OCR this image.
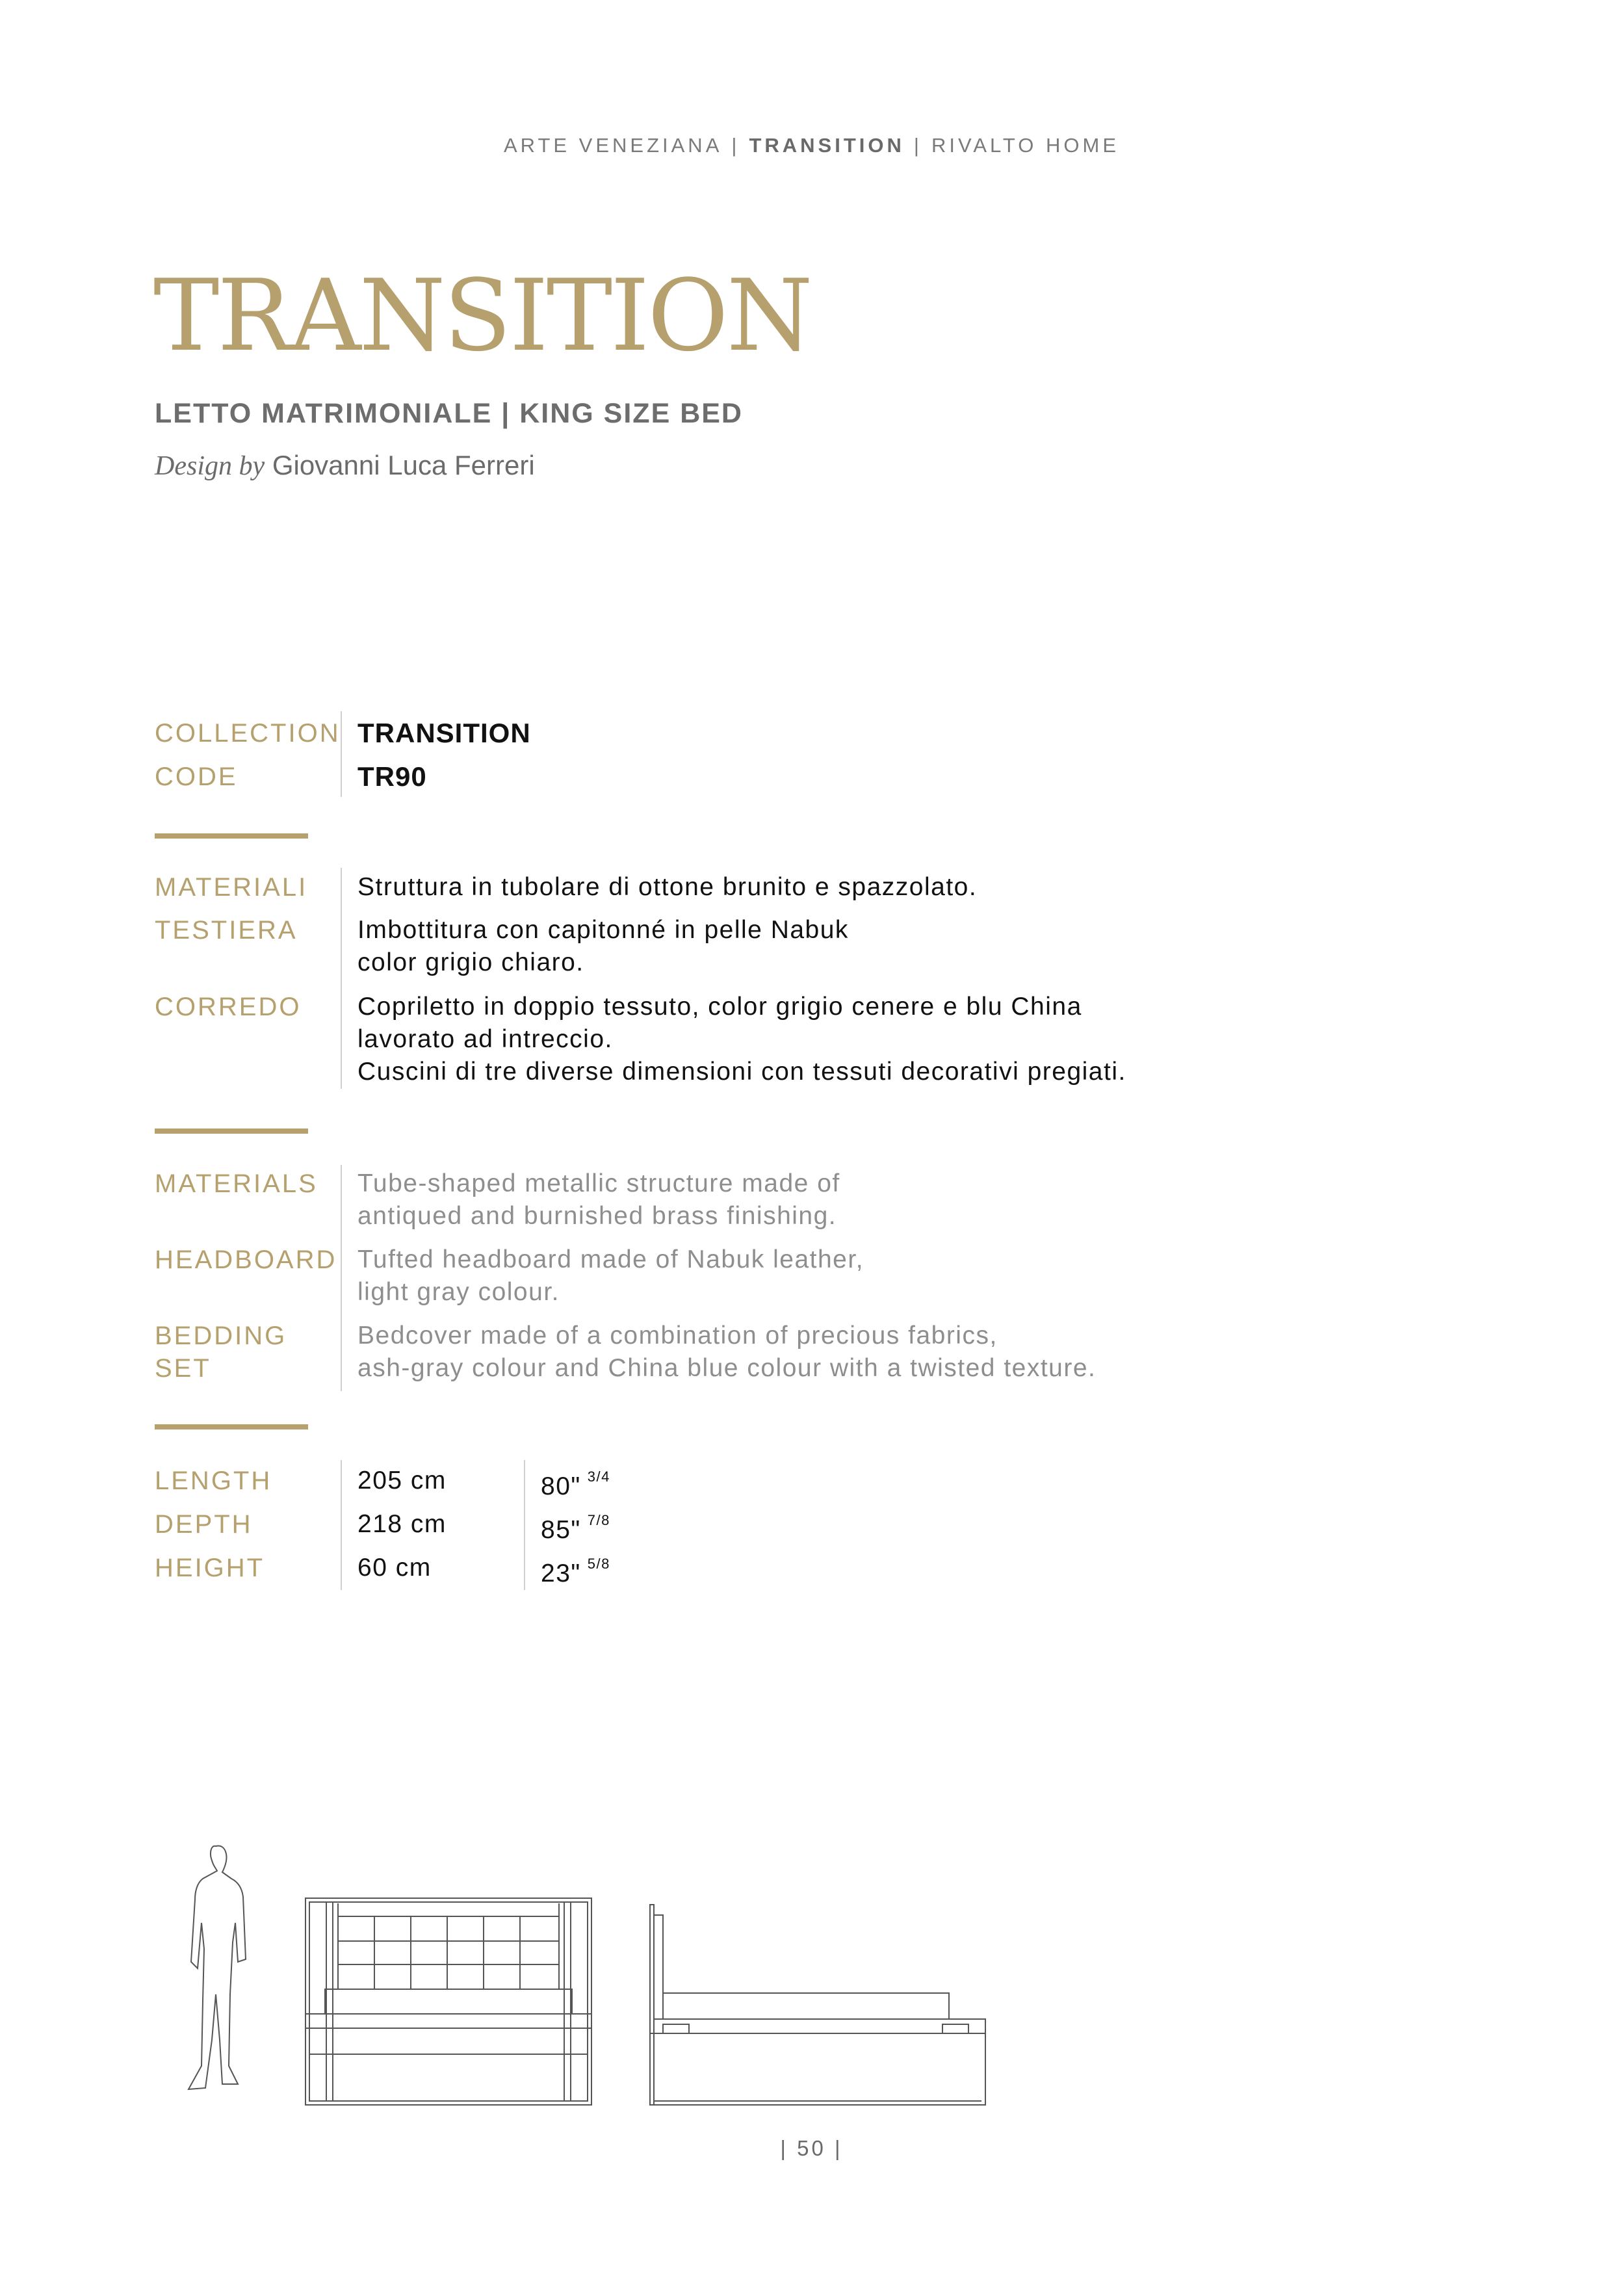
ARTE VENEZIANA | TRANSITION | RIVALTO HOME
TRANSITION
LETTO MATRIMONIALE | KING SIZE BED
Design by Giovanni Luca Ferreri
COLLECTION TRANSITION
CODE	TR90
MATERIALI Struttura in tubolare di ottone brunito e spazzolato.
TESTIERA Imbottitura con capitonné in pelle Nabuk
color grigio chiaro.
CORREDO Copriletto in doppio tessuto, color grigio cenere e blu China
lavorato ad intreccio.
Cuscini di tre diverse dimensioni con tessuti decorativi pregiati.
MATERIALS Tube-shaped metallic structure made of
antiqued and burnished brass finishing.
HEADBOARD Tufted headboard made of Nabuk leather,
light gray colour.
BEDDING
SET
Bedcover made of a combination of precious fabrics,
ash-gray colour and China blue colour with a twisted texture.
LENGTH	205 cm	80" $^{3/4}$
DEPTH	218 cm	85" $^{7/8}$
HEIGHT	60 cm	23" $^{5/8}$
| 50 |
